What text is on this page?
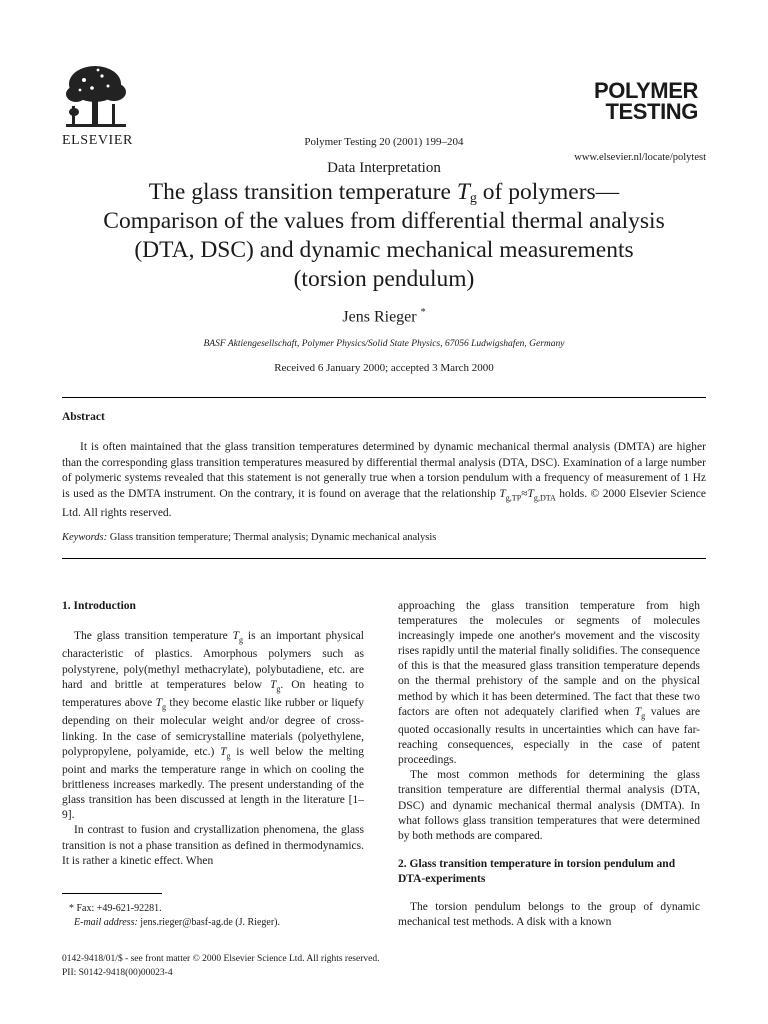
ELSEVIER	Polymer Testing 20 (2001) 199–204
POLYMER
TESTING
www.elsevier.nl/locate/polytest
Data Interpretation
The glass transition temperature $T_g$ of polymers—
Comparison of the values from differential thermal analysis
(DTA, DSC) and dynamic mechanical measurements
(torsion pendulum)
Jens Rieger *
BASF Aktiengesellschaft, Polymer Physics/Solid State Physics, 67056 Ludwigshafen, Germany
Received 6 January 2000; accepted 3 March 2000
Abstract

It is often maintained that the glass transition temperatures determined by dynamic mechanical thermal analysis (DMTA) are higher than the corresponding glass transition temperatures measured by differential thermal analysis (DTA, DSC). Examination of a large number of polymeric systems revealed that this statement is not generally true when a torsion pendulum with a frequency of measurement of 1 Hz is used as the DMTA instrument. On the contrary, it is found on average that the relationship $T_{g,TP}\approx T_{g,DTA}$ holds. © 2000 Elsevier Science Ltd. All rights reserved.

Keywords: Glass transition temperature; Thermal analysis; Dynamic mechanical analysis

1. Introduction

The glass transition temperature $T_g$ is an important physical characteristic of plastics. Amorphous polymers such as polystyrene, poly(methyl methacrylate), polybutadiene, etc. are hard and brittle at temperatures below $T_g$. On heating to temperatures above $T_g$ they become elastic like rubber or liquefy depending on their molecular weight and/or degree of cross-linking. In the case of semicrystalline materials (polyethylene, polypropylene, polyamide, etc.) $T_g$ is well below the melting point and marks the temperature range in which on cooling the brittleness increases markedly. The present understanding of the glass transition has been discussed at length in the literature [1–9].

In contrast to fusion and crystallization phenomena, the glass transition is not a phase transition as defined in thermodynamics. It is rather a kinetic effect. When

approaching the glass transition temperature from high temperatures the molecules or segments of molecules increasingly impede one another's movement and the viscosity rises rapidly until the material finally solidifies. The consequence of this is that the measured glass transition temperature depends on the thermal prehistory of the sample and on the physical method by which it has been determined. The fact that these two factors are often not adequately clarified when $T_g$ values are quoted occasionally results in uncertainties which can have far-reaching consequences, especially in the case of patent proceedings.

The most common methods for determining the glass transition temperature are differential thermal analysis (DTA, DSC) and dynamic mechanical thermal analysis (DMTA). In what follows glass transition temperatures that were determined by both methods are compared.

2. Glass transition temperature in torsion pendulum and DTA-experiments

The torsion pendulum belongs to the group of dynamic mechanical test methods. A disk with a known

* Fax: +49-621-92281.
E-mail address: jens.rieger@basf-ag.de (J. Rieger).
0142-9418/01/$ - see front matter © 2000 Elsevier Science Ltd. All rights reserved.
PII: S0142-9418(00)00023-4
